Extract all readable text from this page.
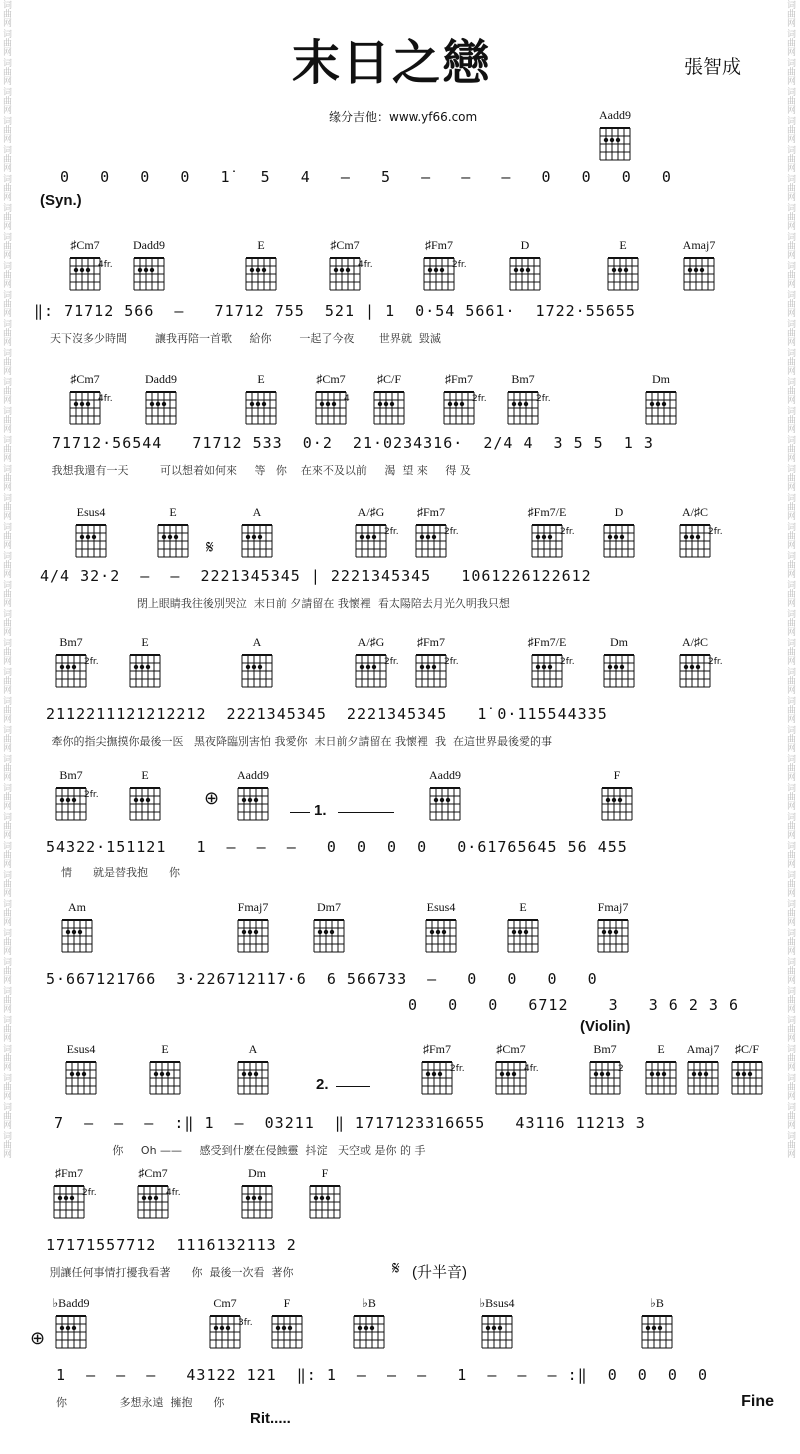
词曲网
词曲网
词曲网
词曲网
词曲网
词曲网
词曲网
词曲网
词曲网
词曲网
词曲网
词曲网
词曲网
词曲网
词曲网
词曲网
词曲网
词曲网
词曲网
词曲网
词曲网
词曲网
词曲网
词曲网
词曲网
词曲网
词曲网
词曲网
词曲网
词曲网
词曲网
词曲网
词曲网
词曲网
词曲网
词曲网
词曲网
词曲网
词曲网
词曲网
词曲网
词曲网
词曲网
词曲网
词曲网
词曲网
词曲网
词曲网
词曲网
词曲网
词曲网
词曲网
词曲网
词曲网
词曲网
词曲网
词曲网
词曲网
词曲网
词曲网
词曲网
词曲网
词曲网
词曲网
词曲网
词曲网
词曲网
词曲网
词曲网
词曲网
词曲网
词曲网
词曲网
词曲网
词曲网
词曲网
词曲网
词曲网
词曲网
词曲网
末日之戀	張智成
缘分吉他：www.yf66.com	Aadd9
0   0   0   0   1̇   5   4   —   5   —   —   —   0   0   0   0
(Syn.)
‖: 71712 566  —   71712 755  521 | 1  0·54 5661·  1722·55655
天下沒多少時間        讓我再陪一首歌     給你        一起了今夜       世界就  毀滅
♯Cm7
4fr.
Dadd9	E	♯Cm7
4fr.
♯Fm7
2fr.
D	E	Amaj7
71712·56544   71712 533  0·2  21·0234316·  2/4 4  3 5 5  1 3
我想我還有一天         可以想着如何來     等   你    在來不及以前     渴  望 來     得 及
♯Cm7
4fr.
Dadd9	E	♯Cm7
4
♯C/F	♯Fm7
2fr.
Bm7
2fr.
Dm
𝄋
4/4 32·2  —  —  2221345345 | 2221345345   1061226122612
閉上眼睛我往後別哭泣  末日前 夕請留在 我懷裡  看太陽陪去月光久明我只想
Esus4	E	A	A/♯G
2fr.
♯Fm7
2fr.
♯Fm7/E
2fr.
D	A/♯C
2fr.
2112211121212212  2221345345  2221345345   1̇ 0·115544335
牽你的指尖撫摸你最後一医   黑夜降臨別害怕 我愛你  末日前夕請留在 我懷裡  我  在這世界最後愛的事
Bm7
2fr.
E	A	A/♯G
2fr.
♯Fm7
2fr.
♯Fm7/E
2fr.
Dm	A/♯C
2fr.
⊕
1.
54322·151121   1  —  —  —   0  0  0  0   0·61765645 56 455
情      就是替我抱      你
Bm7
2fr.
E	Aadd9	Aadd9	F
5·667121766  3·2267121̇1̇7·6  6 566733  —   0   0   0   0
0   0   0   6712    3   3 6 2 3 6
(Violin)
Am	Fmaj7	Dm7	Esus4	E	Fmaj7
2.
7  —  —  —  :‖ 1  —  03211  ‖ 1717123316655   43116 11213 3
你     Oh ——     感受到什麼在侵蝕靈  抖淀   天空或 是你 的 手
Esus4	E	A	♯Fm7
2fr.
♯Cm7
4fr.
Bm7
2
E	Amaj7	♯C/F
17171557712  1116132113 2
別讓任何事情打擾我看著      你  最後一次看  著你	𝄋 (升半音)
♯Fm7
2fr.
♯Cm7
4fr.
Dm	F
⊕
1  —  —  —   43122 121  ‖: 1  —  —  —   1  —  —  — :‖  0  0  0  0
你               多想永遠  擁抱      你
Rit.....
♭Badd9	Cm7
3fr.
F	♭B	♭Bsus4	♭B
Fine
